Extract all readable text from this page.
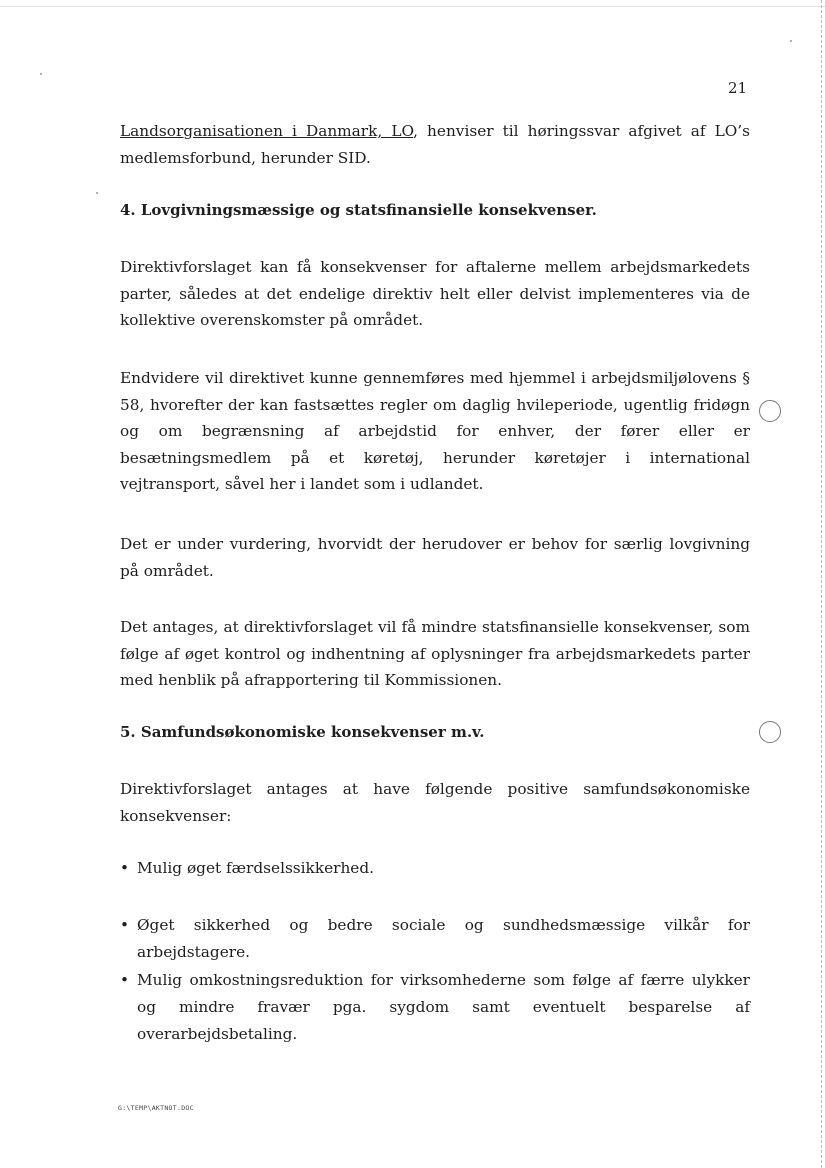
21

Landsorganisationen i Danmark, LO, henviser til høringssvar afgivet af LO’s medlemsforbund, herunder SID.

4. Lovgivningsmæssige og statsfinansielle konsekvenser.

Direktivforslaget kan få konsekvenser for aftalerne mellem arbejdsmarkedets parter, således at det endelige direktiv helt eller delvist implementeres via de kollektive overenskomster på området.

Endvidere vil direktivet kunne gennemføres med hjemmel i arbejdsmiljølovens § 58, hvorefter der kan fastsættes regler om daglig hvileperiode, ugentlig fridøgn og om begrænsning af arbejdstid for enhver, der fører eller er besætningsmedlem på et køretøj, herunder køretøjer i international vejtransport, såvel her i landet som i udlandet.

Det er under vurdering, hvorvidt der herudover er behov for særlig lovgivning på området.

Det antages, at direktivforslaget vil få mindre statsfinansielle konsekvenser, som følge af øget kontrol og indhentning af oplysninger fra arbejdsmarkedets parter med henblik på afrapportering til Kommissionen.

5. Samfundsøkonomiske konsekvenser m.v.

Direktivforslaget antages at have følgende positive samfundsøkonomiske konsekvenser:

• Mulig øget færdselssikkerhed.
• Øget sikkerhed og bedre sociale og sundhedsmæssige vilkår for arbejdstagere.
• Mulig omkostningsreduktion for virksomhederne som følge af færre ulykker og mindre fravær pga. sygdom samt eventuelt besparelse af overarbejdsbetaling.
G:\TEMP\AKTNOT.DOC
